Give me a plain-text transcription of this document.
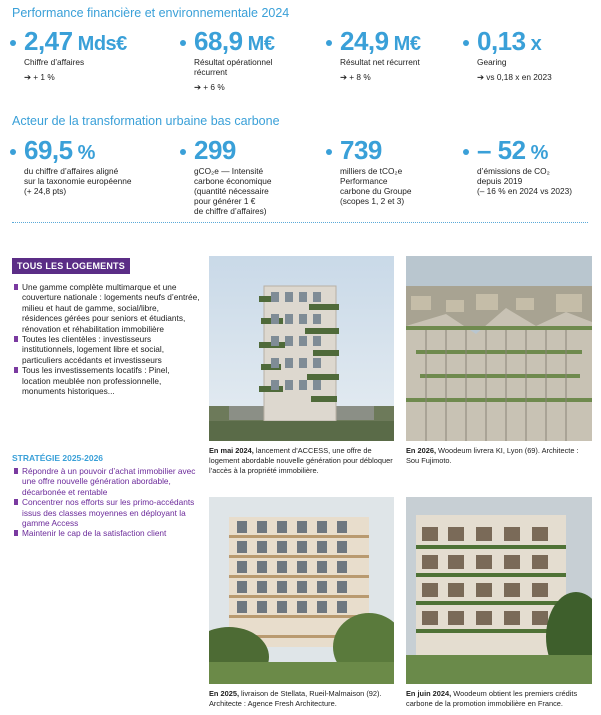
Performance financière et environnementale 2024
2,47 Mds€
Chiffre d’affaires
➔ + 1 %
68,9 M€
Résultat opérationnel
récurrent
➔ + 6 %
24,9 M€
Résultat net récurrent
➔ + 8 %
0,13 x
Gearing
➔ vs 0,18 x en 2023
Acteur de la transformation urbaine bas carbone
69,5 %
du chiffre d’affaires aligné
sur la taxonomie européenne
(+ 24,8 pts)
299
gCO₂e — Intensité
carbone économique
(quantité nécessaire
pour générer 1 €
de chiffre d’affaires)
739
milliers de tCO₂e
Performance
carbone du Groupe
(scopes 1, 2 et 3)
– 52 %
d’émissions de CO₂
depuis 2019
(– 16 % en 2024 vs 2023)
TOUS LES LOGEMENTS
Une gamme complète multimarque et une couverture nationale : logements neufs d’entrée, milieu et haut de gamme, social/libre, résidences gérées pour seniors et étudiants, rénovation et réhabilitation immobilière
Toutes les clientèles : investisseurs institutionnels, logement libre et social, particuliers accédants et investisseurs
Tous les investissements locatifs : Pinel, location meublée non professionnelle, monuments historiques...
STRATÉGIE 2025-2026
Répondre à un pouvoir d’achat immobilier avec une offre nouvelle génération abordable, décarbonée et rentable
Concentrer nos efforts sur les primo-accédants issus des classes moyennes en déployant la gamme Access
Maintenir le cap de la satisfaction client
En mai 2024, lancement d’ACCESS, une offre de logement abordable nouvelle génération pour débloquer l’accès à la propriété immobilière.
En 2026, Woodeum livrera KI, Lyon (69). Architecte : Sou Fujimoto.
En 2025, livraison de Stellata, Rueil-Malmaison (92). Architecte : Agence Fresh Architecture.
En juin 2024, Woodeum obtient les premiers crédits carbone de la promotion immobilière en France.
